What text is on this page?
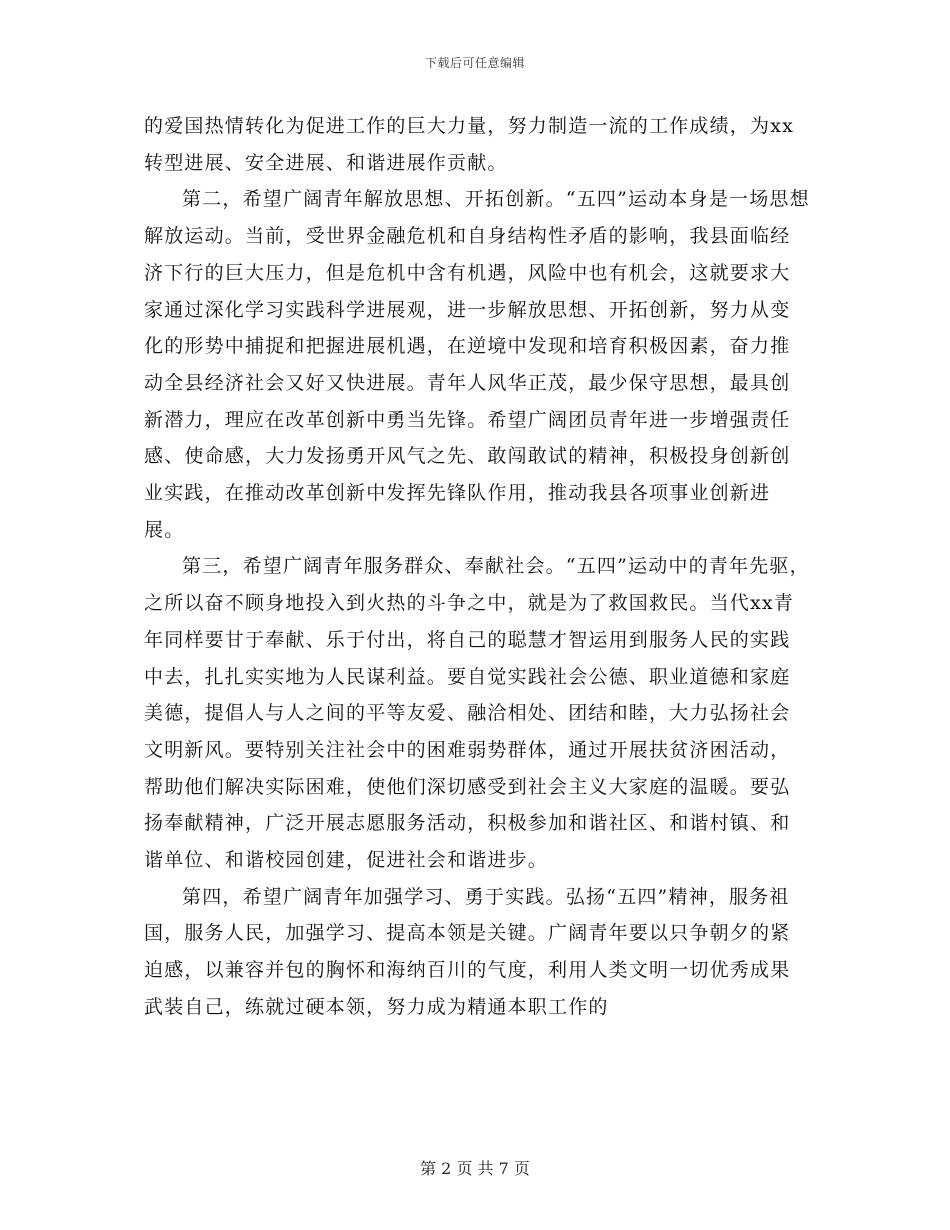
下载后可任意编辑

的爱国热情转化为促进工作的巨大力量，努力制造一流的工作成绩，为xx转型进展、安全进展、和谐进展作贡献。

第二，希望广阔青年解放思想、开拓创新。“五四”运动本身是一场思想解放运动。当前，受世界金融危机和自身结构性矛盾的影响，我县面临经济下行的巨大压力，但是危机中含有机遇，风险中也有机会，这就要求大家通过深化学习实践科学进展观，进一步解放思想、开拓创新，努力从变化的形势中捕捉和把握进展机遇，在逆境中发现和培育积极因素，奋力推动全县经济社会又好又快进展。青年人风华正茂，最少保守思想，最具创新潜力，理应在改革创新中勇当先锋。希望广阔团员青年进一步增强责任感、使命感，大力发扬勇开风气之先、敢闯敢试的精神，积极投身创新创业实践，在推动改革创新中发挥先锋队作用，推动我县各项事业创新进展。

第三，希望广阔青年服务群众、奉献社会。“五四”运动中的青年先驱，之所以奋不顾身地投入到火热的斗争之中，就是为了救国救民。当代xx青年同样要甘于奉献、乐于付出，将自己的聪慧才智运用到服务人民的实践中去，扎扎实实地为人民谋利益。要自觉实践社会公德、职业道德和家庭美德，提倡人与人之间的平等友爱、融洽相处、团结和睦，大力弘扬社会文明新风。要特别关注社会中的困难弱势群体，通过开展扶贫济困活动，帮助他们解决实际困难，使他们深切感受到社会主义大家庭的温暖。要弘扬奉献精神，广泛开展志愿服务活动，积极参加和谐社区、和谐村镇、和谐单位、和谐校园创建，促进社会和谐进步。

第四，希望广阔青年加强学习、勇于实践。弘扬“五四”精神，服务祖国，服务人民，加强学习、提高本领是关键。广阔青年要以只争朝夕的紧迫感，以兼容并包的胸怀和海纳百川的气度，利用人类文明一切优秀成果武装自己，练就过硬本领，努力成为精通本职工作的

第 2 页 共 7 页
